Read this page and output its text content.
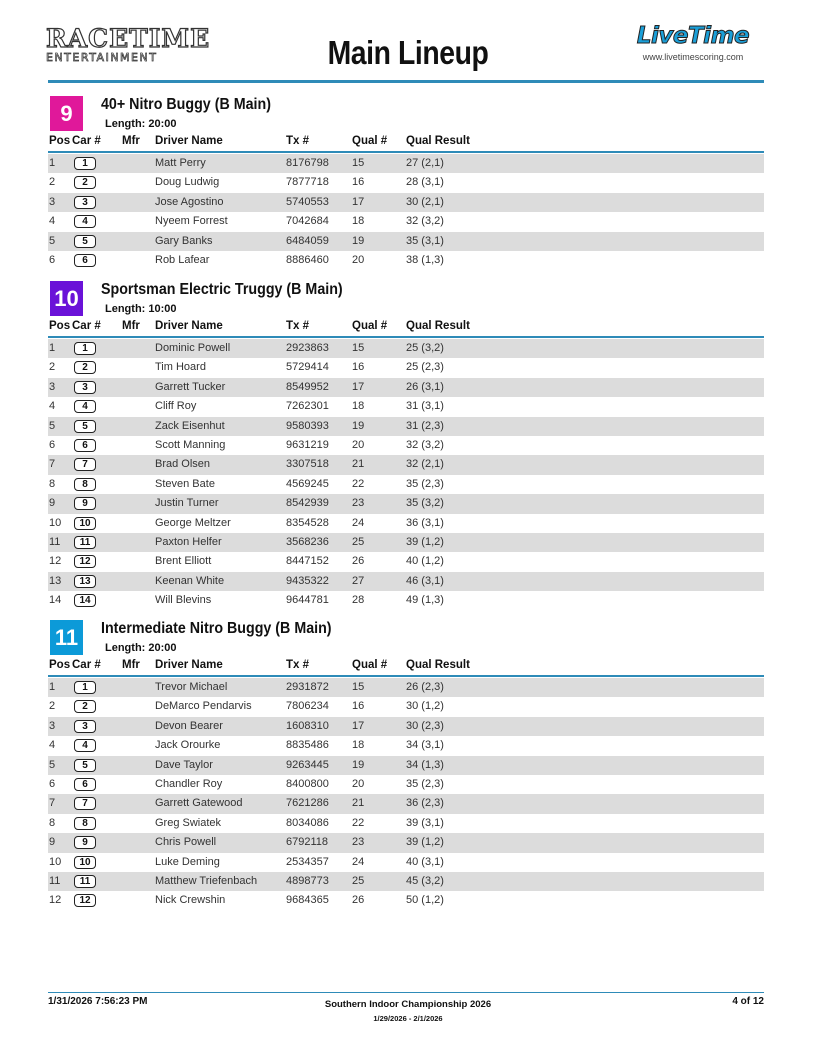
RACETIME
ENTERTAINMENT	Main Lineup	LiveTime
www.livetimescoring.com
9	40+ Nitro Buggy (B Main)
Length: 20:00
Pos Car # Mfr Driver Name	Tx #	Qual # Qual Result
1	1	Matt Perry	8176798 15	27 (2,1)
2	2	Doug Ludwig	7877718 16	28 (3,1)
3	3	Jose Agostino	5740553 17	30 (2,1)
4	4	Nyeem Forrest	7042684 18	32 (3,2)
5	5	Gary Banks	6484059 19	35 (3,1)
6	6	Rob Lafear	8886460 20	38 (1,3)
10 Sportsman Electric Truggy (B Main)
Length: 10:00
Pos Car # Mfr Driver Name	Tx #	Qual # Qual Result
1	1	Dominic Powell	2923863 15	25 (3,2)
2	2	Tim Hoard	5729414 16	25 (2,3)
3	3	Garrett Tucker	8549952 17	26 (3,1)
4	4	Cliff Roy	7262301 18	31 (3,1)
5	5	Zack Eisenhut	9580393 19	31 (2,3)
6	6	Scott Manning	9631219 20	32 (3,2)
7	7	Brad Olsen	3307518 21	32 (2,1)
8	8	Steven Bate	4569245 22	35 (2,3)
9	9	Justin Turner	8542939 23	35 (3,2)
10	10	George Meltzer	8354528 24	36 (3,1)
11	11	Paxton Helfer	3568236 25	39 (1,2)
12	12	Brent Elliott	8447152 26	40 (1,2)
13	13	Keenan White	9435322 27	46 (3,1)
14	14	Will Blevins	9644781 28	49 (1,3)
11	Intermediate Nitro Buggy (B Main)
Length: 20:00
Pos Car # Mfr Driver Name	Tx #	Qual # Qual Result
1	1	Trevor Michael	2931872 15	26 (2,3)
2	2	DeMarco Pendarvis	7806234 16	30 (1,2)
3	3	Devon Bearer	1608310 17	30 (2,3)
4	4	Jack Orourke	8835486 18	34 (3,1)
5	5	Dave Taylor	9263445 19	34 (1,3)
6	6	Chandler Roy	8400800 20	35 (2,3)
7	7	Garrett Gatewood	7621286 21	36 (2,3)
8	8	Greg Swiatek	8034086 22	39 (3,1)
9	9	Chris Powell	6792118 23	39 (1,2)
10	10	Luke Deming	2534357 24	40 (3,1)
11	11	Matthew Triefenbach	4898773 25	45 (3,2)
12	12	Nick Crewshin	9684365 26	50 (1,2)
1/31/2026 7:56:23 PM	Southern Indoor Championship 2026
1/29/2026 - 2/1/2026
4 of 12
